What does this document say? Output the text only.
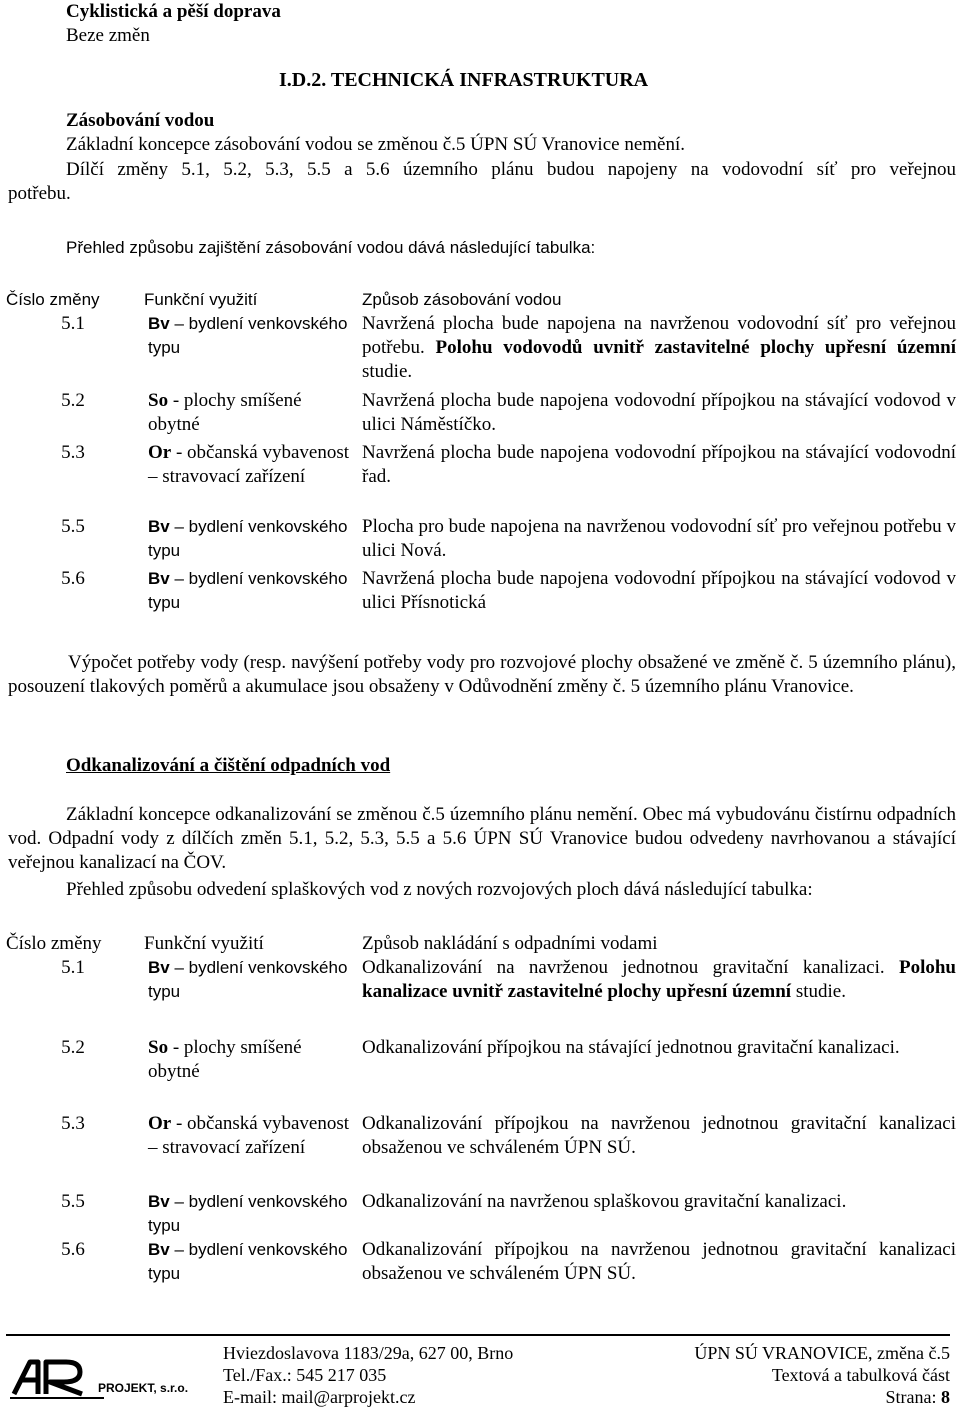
Cyklistická a pěší doprava
Beze změn
I.D.2. TECHNICKÁ INFRASTRUKTURA
Zásobování vodou
Základní koncepce zásobování vodou se změnou č.5 ÚPN SÚ Vranovice nemění.
Dílčí změny 5.1, 5.2, 5.3, 5.5 a 5.6 územního plánu budou napojeny na vodovodní síť pro veřejnou
potřebu.
Přehled způsobu zajištění zásobování vodou dává následující tabulka:
Číslo změny	Funkční využití	Způsob zásobování vodou
5.1	Bv – bydlení venkovského typu	Navržená plocha bude napojena na navrženou vodovodní síť pro veřejnou potřebu. Polohu vodovodů uvnitř zastavitelné plochy upřesní územní studie.
5.2	So - plochy smíšené obytné	Navržená plocha bude napojena vodovodní přípojkou na stávající vodovod v ulici Náměstíčko.
5.3	Or - občanská vybavenost – stravovací zařízení	Navržená plocha bude napojena vodovodní přípojkou na stávající vodovodní řad.
5.5	Bv – bydlení venkovského typu	Plocha pro bude napojena na navrženou vodovodní síť pro veřejnou potřebu v ulici Nová.
5.6	Bv – bydlení venkovského typu	Navržená plocha bude napojena vodovodní přípojkou na stávající vodovod v ulici Přísnotická
Výpočet potřeby vody (resp. navýšení potřeby vody pro rozvojové plochy obsažené ve změně č. 5 územního plánu), posouzení tlakových poměrů a akumulace jsou obsaženy v Odůvodnění změny č. 5 územního plánu Vranovice.
Odkanalizování a čištění odpadních vod
Základní koncepce odkanalizování se změnou č.5 územního plánu nemění. Obec má vybudovánu čistírnu odpadních vod. Odpadní vody z dílčích změn 5.1, 5.2, 5.3, 5.5 a 5.6 ÚPN SÚ Vranovice budou odvedeny navrhovanou a stávající veřejnou kanalizací na ČOV.
Přehled způsobu odvedení splaškových vod z nových rozvojových ploch dává následující tabulka:
Číslo změny	Funkční využití	Způsob nakládání s odpadními vodami
5.1	Bv – bydlení venkovského typu	Odkanalizování na navrženou jednotnou gravitační kanalizaci. Polohu kanalizace uvnitř zastavitelné plochy upřesní územní studie.
5.2	So - plochy smíšené obytné	Odkanalizování přípojkou na stávající jednotnou gravitační kanalizaci.
5.3	Or - občanská vybavenost – stravovací zařízení	Odkanalizování přípojkou na navrženou jednotnou gravitační kanalizaci obsaženou ve schváleném ÚPN SÚ.
5.5	Bv – bydlení venkovského typu	Odkanalizování na navrženou splaškovou gravitační kanalizaci.
5.6	Bv – bydlení venkovského typu	Odkanalizování přípojkou na navrženou jednotnou gravitační kanalizaci obsaženou ve schváleném ÚPN SÚ.
PROJEKT, s.r.o.
Hviezdoslavova 1183/29a, 627 00, Brno
Tel./Fax.: 545 217 035
E-mail: mail@arprojekt.cz
ÚPN SÚ VRANOVICE, změna č.5
Textová a tabulková část
Strana: 8
